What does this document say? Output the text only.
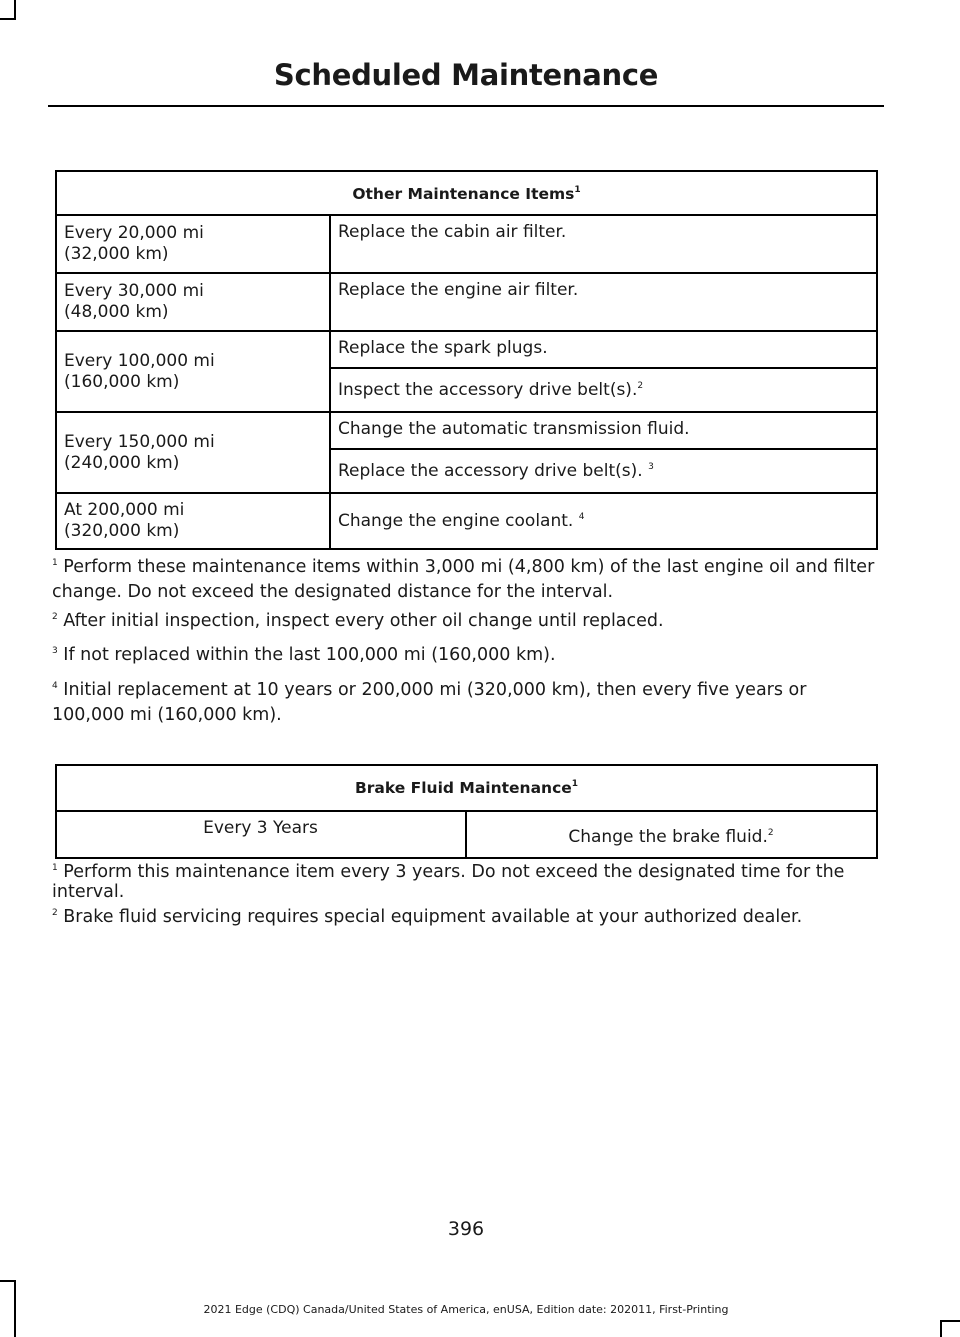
Scheduled Maintenance
Other Maintenance Items$^1$
Every 20,000 mi
(32,000 km)	Replace the cabin air filter.
Every 30,000 mi
(48,000 km)	Replace the engine air filter.
Every 100,000 mi
(160,000 km)	Replace the spark plugs.
	Inspect the accessory drive belt(s).$^2$
Every 150,000 mi
(240,000 km)	Change the automatic transmission fluid.
	Replace the accessory drive belt(s). $^3$
At 200,000 mi
(320,000 km)	Change the engine coolant. $^4$
$^1$ Perform these maintenance items within 3,000 mi (4,800 km) of the last engine oil and filter change. Do not exceed the designated distance for the interval.
$^2$ After initial inspection, inspect every other oil change until replaced.
$^3$ If not replaced within the last 100,000 mi (160,000 km).
$^4$ Initial replacement at 10 years or 200,000 mi (320,000 km), then every five years or 100,000 mi (160,000 km).
Brake Fluid Maintenance$^1$
Every 3 Years	Change the brake fluid.$^2$
$^1$ Perform this maintenance item every 3 years. Do not exceed the designated time for the interval.
$^2$ Brake fluid servicing requires special equipment available at your authorized dealer.
396
2021 Edge (CDQ) Canada/United States of America, enUSA, Edition date: 202011, First-Printing
